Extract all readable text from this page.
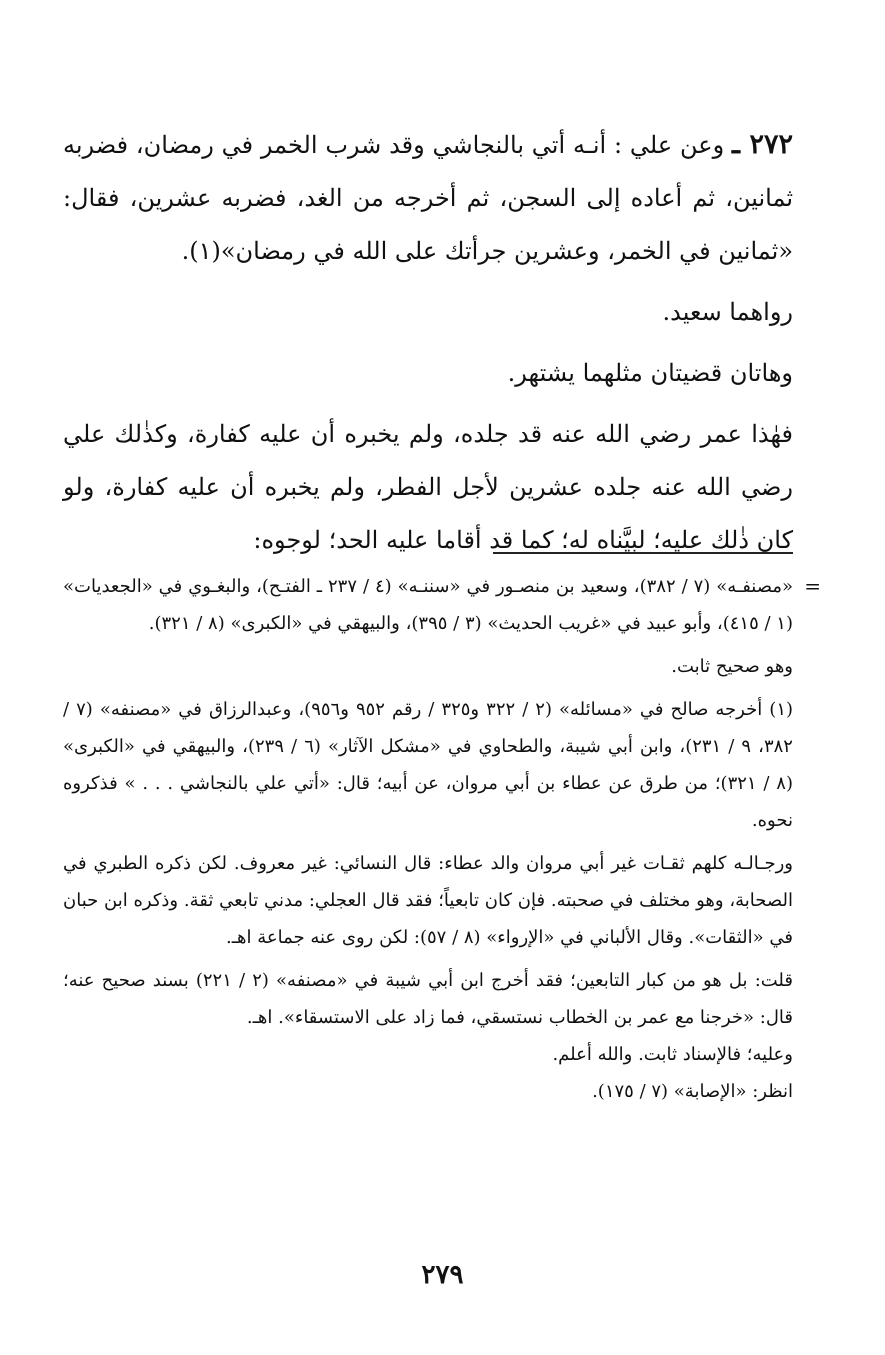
٢٧٢ ـ وعن علي : أنـه أتي بالنجاشي وقد شرب الخمر في رمضان، فضربه ثمانين، ثم أعاده إلى السجن، ثم أخرجه من الغد، فضربه عشرين، فقال: «ثمانين في الخمر، وعشرين جرأتك على الله في رمضان»(١).

رواهما سعيد.

وهاتان قضيتان مثلهما يشتهر.

فهٰذا عمر رضي الله عنه قد جلده، ولم يخبره أن عليه كفارة، وكذٰلك علي رضي الله عنه جلده عشرين لأجل الفطر، ولم يخبره أن عليه كفارة، ولو كان ذٰلك عليه؛ لبيَّناه له؛ كما قد أقاما عليه الحد؛ لوجوه:

=
«مصنفـه» (٧ / ٣٨٢)، وسعيد بن منصـور في «سننـه» (٤ / ٢٣٧ ـ الفتـح)، والبغـوي في «الجعديات» (١ / ٤١٥)، وأبو عبيد في «غريب الحديث» (٣ / ٣٩٥)، والبيهقي في «الكبرى» (٨ / ٣٢١).

وهو صحيح ثابت.

(١) أخرجه صالح في «مسائله» (٢ / ٣٢٢ و٣٢٥ / رقم ٩٥٢ و٩٥٦)، وعبدالرزاق في «مصنفه» (٧ / ٣٨٢، ٩ / ٢٣١)، وابن أبي شيبة، والطحاوي في «مشكل الآثار» (٦ / ٢٣٩)، والبيهقي في «الكبرى» (٨ / ٣٢١)؛ من طرق عن عطاء بن أبي مروان، عن أبيه؛ قال: «أتي علي بالنجاشي . . . » فذكروه نحوه.

ورجـالـه كلهم ثقـات غير أبي مروان والد عطاء: قال النسائي: غير معروف. لكن ذكره الطبري في الصحابة، وهو مختلف في صحبته. فإن كان تابعياً؛ فقد قال العجلي: مدني تابعي ثقة. وذكره ابن حبان في «الثقات». وقال الألباني في «الإرواء» (٨ / ٥٧): لكن روى عنه جماعة اهـ.

قلت: بل هو من كبار التابعين؛ فقد أخرج ابن أبي شيبة في «مصنفه» (٢ / ٢٢١) بسند صحيح عنه؛ قال: «خرجنا مع عمر بن الخطاب نستسقي، فما زاد على الاستسقاء». اهـ.

وعليه؛ فالإسناد ثابت. والله أعلم.

انظر: «الإصابة» (٧ / ١٧٥).

٢٧٩
